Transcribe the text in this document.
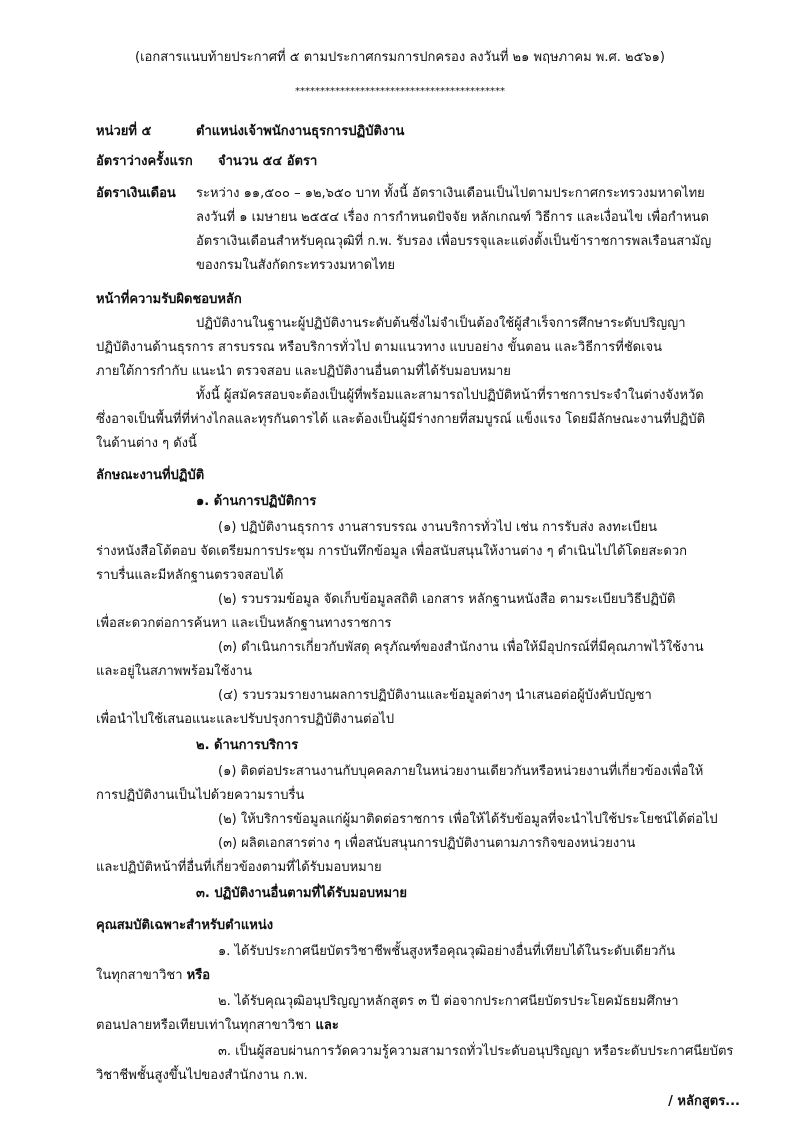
(เอกสารแนบท้ายประกาศที่ ๕ ตามประกาศกรมการปกครอง ลงวันที่ ๒๑ พฤษภาคม พ.ศ. ๒๕๖๑)
******************************************
หน่วยที่ ๕	ตำแหน่งเจ้าพนักงานธุรการปฏิบัติงาน
อัตราว่างครั้งแรก จำนวน ๕๔ อัตรา
อัตราเงินเดือน ระหว่าง ๑๑,๕๐๐ – ๑๒,๖๕๐ บาท ทั้งนี้ อัตราเงินเดือนเป็นไปตามประกาศกระทรวงมหาดไทย
ลงวันที่ ๑ เมษายน ๒๕๕๔ เรื่อง การกำหนดปัจจัย หลักเกณฑ์ วิธีการ และเงื่อนไข เพื่อกำหนด
อัตราเงินเดือนสำหรับคุณวุฒิที่ ก.พ. รับรอง เพื่อบรรจุและแต่งตั้งเป็นข้าราชการพลเรือนสามัญ
ของกรมในสังกัดกระทรวงมหาดไทย
หน้าที่ความรับผิดชอบหลัก
ปฏิบัติงานในฐานะผู้ปฏิบัติงานระดับต้นซึ่งไม่จำเป็นต้องใช้ผู้สำเร็จการศึกษาระดับปริญญา
ปฏิบัติงานด้านธุรการ สารบรรณ หรือบริการทั่วไป ตามแนวทาง แบบอย่าง ขั้นตอน และวิธีการที่ชัดเจน
ภายใต้การกำกับ แนะนำ ตรวจสอบ และปฏิบัติงานอื่นตามที่ได้รับมอบหมาย
ทั้งนี้ ผู้สมัครสอบจะต้องเป็นผู้ที่พร้อมและสามารถไปปฏิบัติหน้าที่ราชการประจำในต่างจังหวัด
ซึ่งอาจเป็นพื้นที่ที่ห่างไกลและทุรกันดารได้ และต้องเป็นผู้มีร่างกายที่สมบูรณ์ แข็งแรง โดยมีลักษณะงานที่ปฏิบัติ
ในด้านต่าง ๆ ดังนี้
ลักษณะงานที่ปฏิบัติ
๑. ด้านการปฏิบัติการ
(๑) ปฏิบัติงานธุรการ งานสารบรรณ งานบริการทั่วไป เช่น การรับส่ง ลงทะเบียน
ร่างหนังสือโต้ตอบ จัดเตรียมการประชุม การบันทึกข้อมูล เพื่อสนับสนุนให้งานต่าง ๆ ดำเนินไปได้โดยสะดวก
ราบรื่นและมีหลักฐานตรวจสอบได้
(๒) รวบรวมข้อมูล จัดเก็บข้อมูลสถิติ เอกสาร หลักฐานหนังสือ ตามระเบียบวิธีปฏิบัติ
เพื่อสะดวกต่อการค้นหา และเป็นหลักฐานทางราชการ
(๓) ดำเนินการเกี่ยวกับพัสดุ ครุภัณฑ์ของสำนักงาน เพื่อให้มีอุปกรณ์ที่มีคุณภาพไว้ใช้งาน
และอยู่ในสภาพพร้อมใช้งาน
(๔) รวบรวมรายงานผลการปฏิบัติงานและข้อมูลต่างๆ นำเสนอต่อผู้บังคับบัญชา
เพื่อนำไปใช้เสนอแนะและปรับปรุงการปฏิบัติงานต่อไป
๒. ด้านการบริการ
(๑) ติดต่อประสานงานกับบุคคลภายในหน่วยงานเดียวกันหรือหน่วยงานที่เกี่ยวข้องเพื่อให้
การปฏิบัติงานเป็นไปด้วยความราบรื่น
(๒) ให้บริการข้อมูลแก่ผู้มาติดต่อราชการ เพื่อให้ได้รับข้อมูลที่จะนำไปใช้ประโยชน์ได้ต่อไป
(๓) ผลิตเอกสารต่าง ๆ เพื่อสนับสนุนการปฏิบัติงานตามภารกิจของหน่วยงาน
และปฏิบัติหน้าที่อื่นที่เกี่ยวข้องตามที่ได้รับมอบหมาย
๓. ปฏิบัติงานอื่นตามที่ได้รับมอบหมาย
คุณสมบัติเฉพาะสำหรับตำแหน่ง
๑. ได้รับประกาศนียบัตรวิชาชีพชั้นสูงหรือคุณวุฒิอย่างอื่นที่เทียบได้ในระดับเดียวกัน
ในทุกสาขาวิชา หรือ
๒. ได้รับคุณวุฒิอนุปริญญาหลักสูตร ๓ ปี ต่อจากประกาศนียบัตรประโยคมัธยมศึกษา
ตอนปลายหรือเทียบเท่าในทุกสาขาวิชา และ
๓. เป็นผู้สอบผ่านการวัดความรู้ความสามารถทั่วไประดับอนุปริญญา หรือระดับประกาศนียบัตร
วิชาชีพชั้นสูงขึ้นไปของสำนักงาน ก.พ.
/ หลักสูตร...
